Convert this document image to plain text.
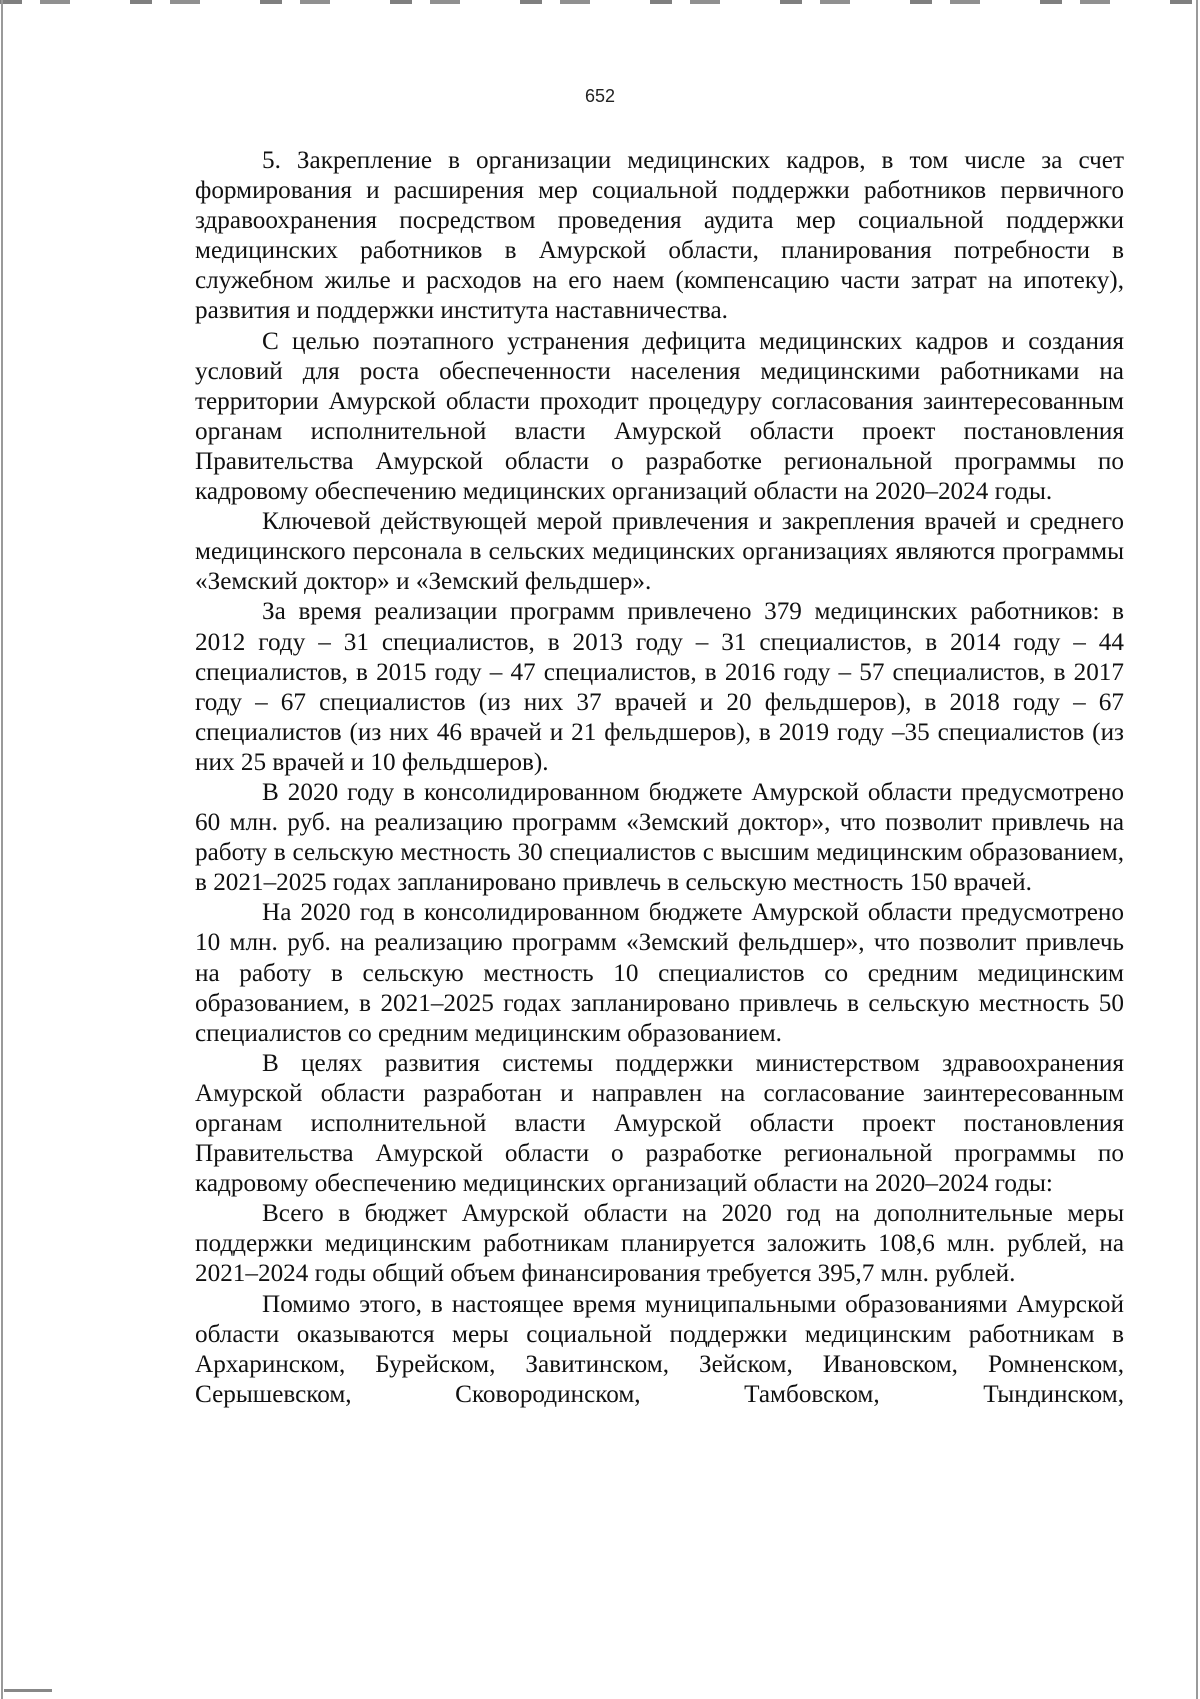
652

5. Закрепление в организации медицинских кадров, в том числе за счет формирования и расширения мер социальной поддержки работников первичного здравоохранения посредством проведения аудита мер социальной поддержки медицинских работников в Амурской области, планирования потребности в служебном жилье и расходов на его наем (компенсацию части затрат на ипотеку), развития и поддержки института наставничества.

С целью поэтапного устранения дефицита медицинских кадров и создания условий для роста обеспеченности населения медицинскими работниками на территории Амурской области проходит процедуру согласования заинтересованным органам исполнительной власти Амурской области проект постановления Правительства Амурской области о разработке региональной программы по кадровому обеспечению медицинских организаций области на 2020–2024 годы.

Ключевой действующей мерой привлечения и закрепления врачей и среднего медицинского персонала в сельских медицинских организациях являются программы «Земский доктор» и «Земский фельдшер».

За время реализации программ привлечено 379 медицинских работников: в 2012 году – 31 специалистов, в 2013 году – 31 специалистов, в 2014 году – 44 специалистов, в 2015 году – 47 специалистов, в 2016 году – 57 специалистов, в 2017 году – 67 специалистов (из них 37 врачей и 20 фельдшеров), в 2018 году – 67 специалистов (из них 46 врачей и 21 фельдшеров), в 2019 году –35 специалистов (из них 25 врачей и 10 фельдшеров).

В 2020 году в консолидированном бюджете Амурской области предусмотрено 60 млн. руб. на реализацию программ «Земский доктор», что позволит привлечь на работу в сельскую местность 30 специалистов с высшим медицинским образованием, в 2021–2025 годах запланировано привлечь в сельскую местность 150 врачей.

На 2020 год в консолидированном бюджете Амурской области предусмотрено 10 млн. руб. на реализацию программ «Земский фельдшер», что позволит привлечь на работу в сельскую местность 10 специалистов со средним медицинским образованием, в 2021–2025 годах запланировано привлечь в сельскую местность 50 специалистов со средним медицинским образованием.

В целях развития системы поддержки министерством здравоохранения Амурской области разработан и направлен на согласование заинтересованным органам исполнительной власти Амурской области проект постановления Правительства Амурской области о разработке региональной программы по кадровому обеспечению медицинских организаций области на 2020–2024 годы:

Всего в бюджет Амурской области на 2020 год на дополнительные меры поддержки медицинским работникам планируется заложить 108,6 млн. рублей, на 2021–2024 годы общий объем финансирования требуется 395,7 млн. рублей.

Помимо этого, в настоящее время муниципальными образованиями Амурской области оказываются меры социальной поддержки медицинским работникам в Архаринском, Бурейском, Завитинском, Зейском, Ивановском, Ромненском, Серышевском, Сковородинском, Тамбовском, Тындинском,
